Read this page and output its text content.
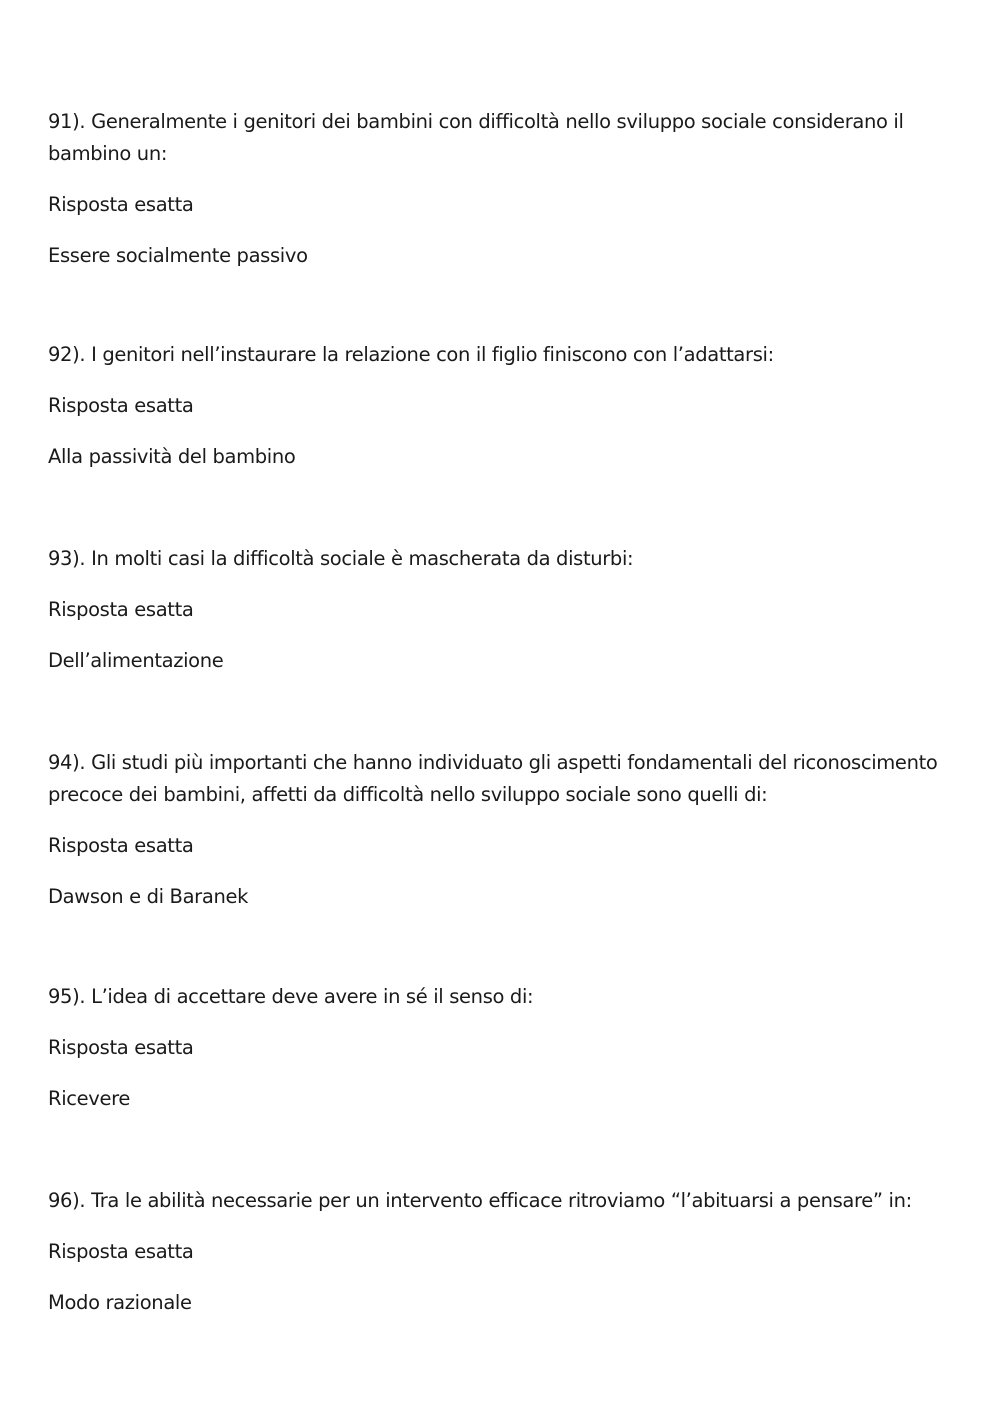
91). Generalmente i genitori dei bambini con difficoltà nello sviluppo sociale considerano il bambino un:

Risposta esatta

Essere socialmente passivo

92). I genitori nell’instaurare la relazione con il figlio finiscono con l’adattarsi:

Risposta esatta

Alla passività del bambino

93). In molti casi la difficoltà sociale è mascherata da disturbi:

Risposta esatta

Dell’alimentazione

94). Gli studi più importanti che hanno individuato gli aspetti fondamentali del riconoscimento precoce dei bambini, affetti da difficoltà nello sviluppo sociale sono quelli di:

Risposta esatta

Dawson e di Baranek

95). L’idea di accettare deve avere in sé il senso di:

Risposta esatta

Ricevere

96). Tra le abilità necessarie per un intervento efficace ritroviamo “l’abituarsi a pensare” in:

Risposta esatta

Modo razionale
